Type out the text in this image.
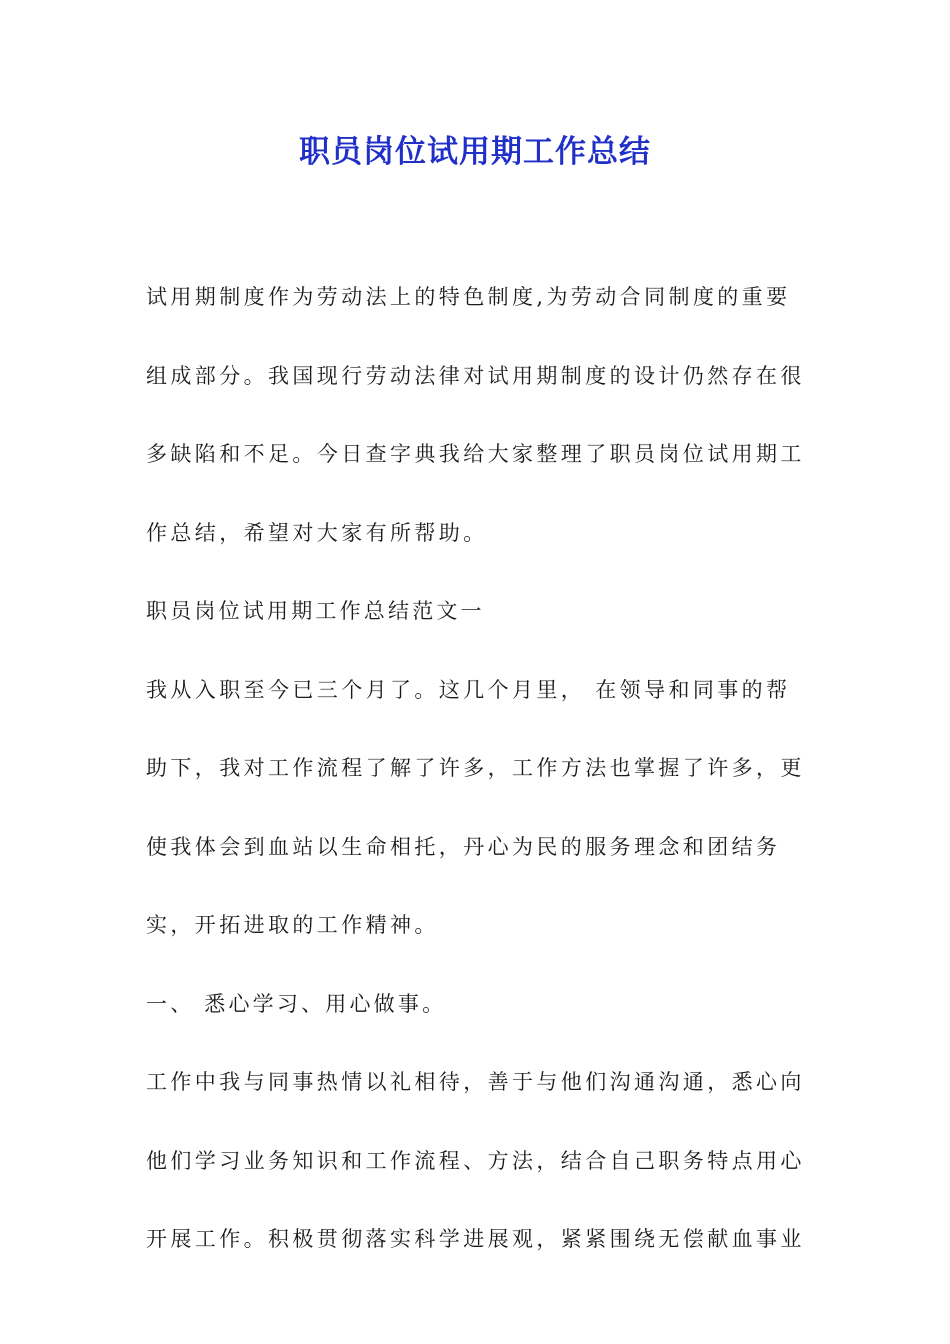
职员岗位试用期工作总结

试用期制度作为劳动法上的特色制度,为劳动合同制度的重要组成部分。我国现行劳动法律对试用期制度的设计仍然存在很多缺陷和不足。今日查字典我给大家整理了职员岗位试用期工作总结，希望对大家有所帮助。

职员岗位试用期工作总结范文一

我从入职至今已三个月了。这几个月里， 在领导和同事的帮助下，我对工作流程了解了许多，工作方法也掌握了许多，更使我体会到血站以生命相托，丹心为民的服务理念和团结务实，开拓进取的工作精神。

一、 悉心学习、用心做事。

工作中我与同事热情以礼相待，善于与他们沟通沟通，悉心向他们学习业务知识和工作流程、方法，结合自己职务特点用心开展工作。积极贯彻落实科学进展观，紧紧围绕无偿献血事业
